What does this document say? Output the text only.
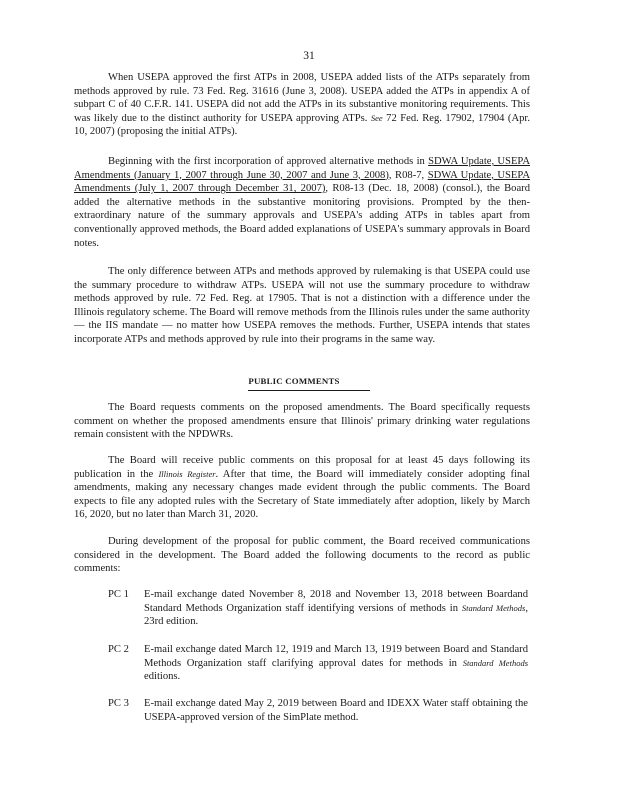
31

When USEPA approved the first ATPs in 2008, USEPA added lists of the ATPs separately from methods approved by rule. 73 Fed. Reg. 31616 (June 3, 2008). USEPA added the ATPs in appendix A of subpart C of 40 C.F.R. 141. USEPA did not add the ATPs in its substantive monitoring requirements. This was likely due to the distinct authority for USEPA approving ATPs. See 72 Fed. Reg. 17902, 17904 (Apr. 10, 2007) (proposing the initial ATPs).

Beginning with the first incorporation of approved alternative methods in SDWA Update, USEPA Amendments (January 1, 2007 through June 30, 2007 and June 3, 2008), R08-7, SDWA Update, USEPA Amendments (July 1, 2007 through December 31, 2007), R08-13 (Dec. 18, 2008) (consol.), the Board added the alternative methods in the substantive monitoring provisions. Prompted by the then-extraordinary nature of the summary approvals and USEPA's adding ATPs in tables apart from conventionally approved methods, the Board added explanations of USEPA's summary approvals in Board notes.

The only difference between ATPs and methods approved by rulemaking is that USEPA could use the summary procedure to withdraw ATPs. USEPA will not use the summary procedure to withdraw methods approved by rule. 72 Fed. Reg. at 17905. That is not a distinction with a difference under the Illinois regulatory scheme. The Board will remove methods from the Illinois rules under the same authority — the IIS mandate — no matter how USEPA removes the methods. Further, USEPA intends that states incorporate ATPs and methods approved by rule into their programs in the same way.

PUBLIC COMMENTS

The Board requests comments on the proposed amendments. The Board specifically requests comment on whether the proposed amendments ensure that Illinois' primary drinking water regulations remain consistent with the NPDWRs.

The Board will receive public comments on this proposal for at least 45 days following its publication in the Illinois Register. After that time, the Board will immediately consider adopting final amendments, making any necessary changes made evident through the public comments. The Board expects to file any adopted rules with the Secretary of State immediately after adoption, likely by March 16, 2020, but no later than March 31, 2020.

During development of the proposal for public comment, the Board received communications considered in the development. The Board added the following documents to the record as public comments:

PC 1	E-mail exchange dated November 8, 2018 and November 13, 2018 between Boardand Standard Methods Organization staff identifying versions of methods in Standard Methods, 23rd edition.
PC 2	E-mail exchange dated March 12, 1919 and March 13, 1919 between Board and Standard Methods Organization staff clarifying approval dates for methods in Standard Methods editions.
PC 3	E-mail exchange dated May 2, 2019 between Board and IDEXX Water staff obtaining the USEPA-approved version of the SimPlate method.
